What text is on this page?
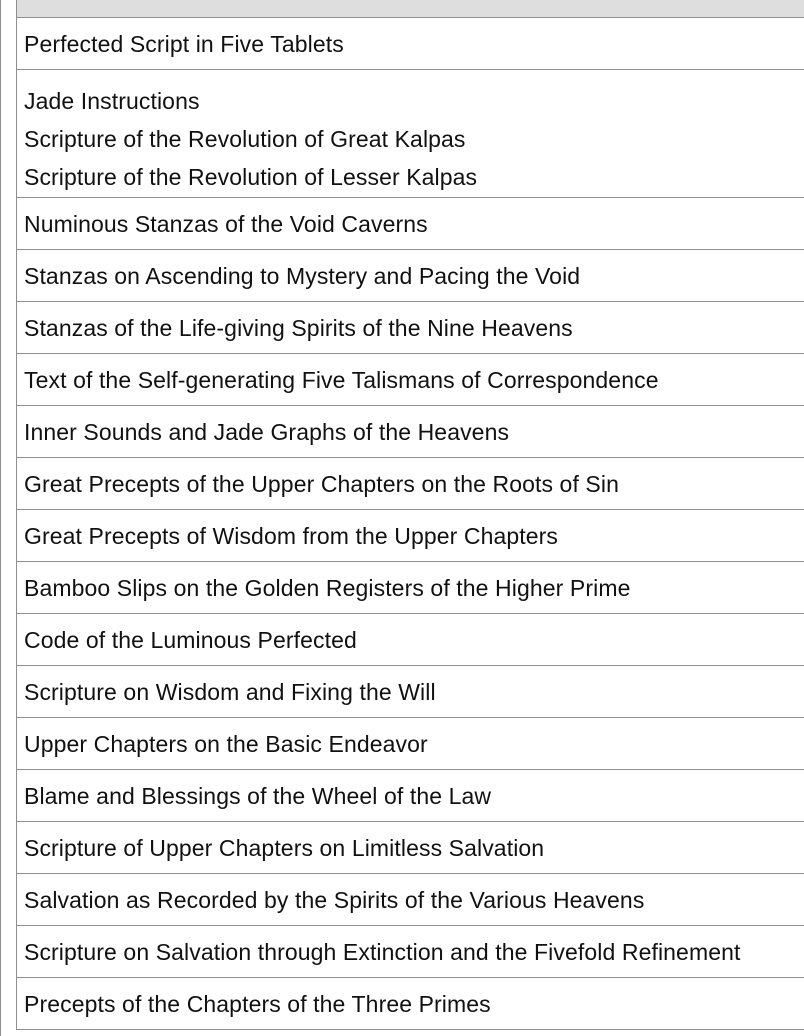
Perfected Script in Five Tablets
Jade Instructions
Scripture of the Revolution of Great Kalpas
Scripture of the Revolution of Lesser Kalpas
Numinous Stanzas of the Void Caverns
Stanzas on Ascending to Mystery and Pacing the Void
Stanzas of the Life-giving Spirits of the Nine Heavens
Text of the Self-generating Five Talismans of Correspondence
Inner Sounds and Jade Graphs of the Heavens
Great Precepts of the Upper Chapters on the Roots of Sin
Great Precepts of Wisdom from the Upper Chapters
Bamboo Slips on the Golden Registers of the Higher Prime
Code of the Luminous Perfected
Scripture on Wisdom and Fixing the Will
Upper Chapters on the Basic Endeavor
Blame and Blessings of the Wheel of the Law
Scripture of Upper Chapters on Limitless Salvation
Salvation as Recorded by the Spirits of the Various Heavens
Scripture on Salvation through Extinction and the Fivefold Refinement
Precepts of the Chapters of the Three Primes
